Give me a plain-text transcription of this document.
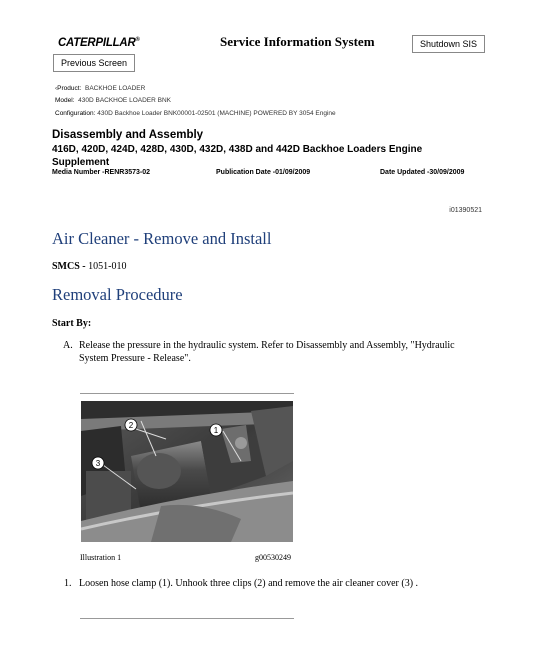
CATERPILLAR®	Service Information System	Shutdown SIS
Previous Screen
‹Product: BACKHOE LOADER
Model: 430D BACKHOE LOADER BNK
Configuration: 430D Backhoe Loader BNK00001-02501 (MACHINE) POWERED BY 3054 Engine
Disassembly and Assembly
416D, 420D, 424D, 428D, 430D, 432D, 438D and 442D Backhoe Loaders Engine Supplement
Media Number -RENR3573-02	Publication Date -01/09/2009	Date Updated -30/09/2009
i01390521
Air Cleaner - Remove and Install
SMCS - 1051-010
Removal Procedure
Start By:
A. Release the pressure in the hydraulic system. Refer to Disassembly and Assembly, "Hydraulic System Pressure - Release".
2
1
3
Illustration 1	g00530249
1. Loosen hose clamp (1). Unhook three clips (2) and remove the air cleaner cover (3) .
